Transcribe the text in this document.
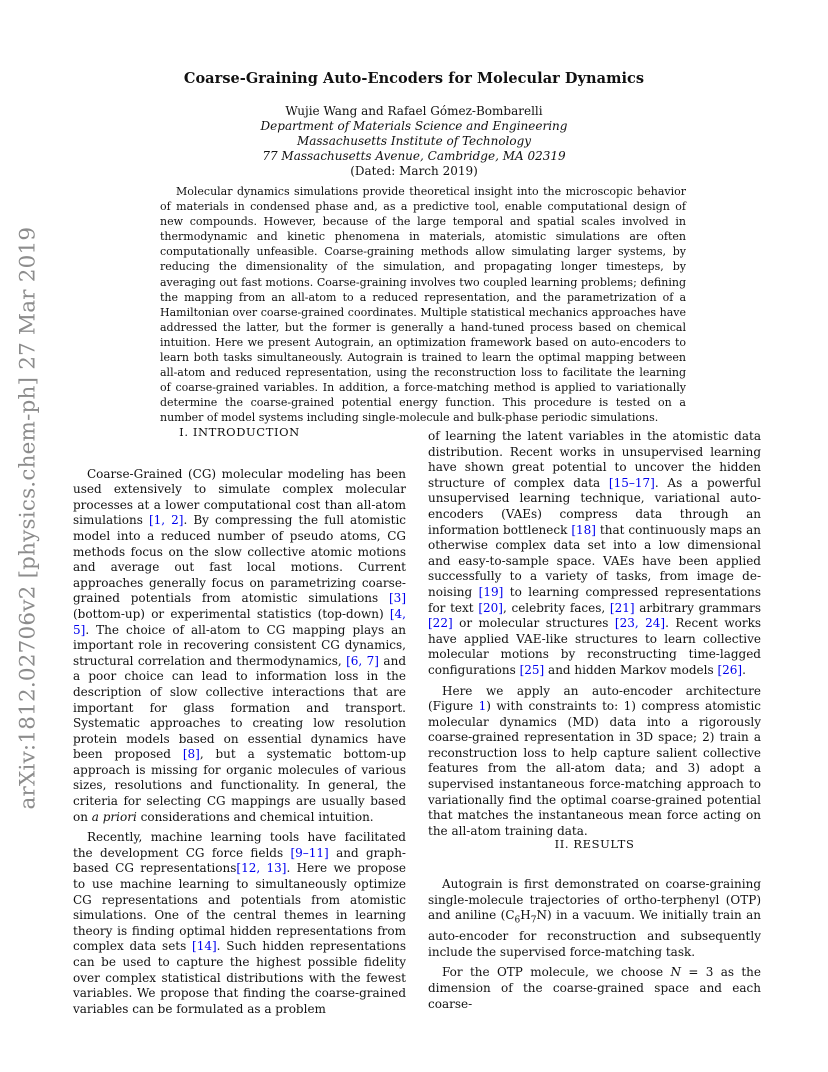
arXiv:1812.02706v2 [physics.chem-ph] 27 Mar 2019
Coarse-Graining Auto-Encoders for Molecular Dynamics
Wujie Wang and Rafael Gómez-Bombarelli
Department of Materials Science and Engineering
Massachusetts Institute of Technology
77 Massachusetts Avenue, Cambridge, MA 02319
(Dated: March 2019)
Molecular dynamics simulations provide theoretical insight into the microscopic behavior of materials in condensed phase and, as a predictive tool, enable computational design of new compounds. However, because of the large temporal and spatial scales involved in thermodynamic and kinetic phenomena in materials, atomistic simulations are often computationally unfeasible. Coarse-graining methods allow simulating larger systems, by reducing the dimensionality of the simulation, and propagating longer timesteps, by averaging out fast motions. Coarse-graining involves two coupled learning problems; defining the mapping from an all-atom to a reduced representation, and the parametrization of a Hamiltonian over coarse-grained coordinates. Multiple statistical mechanics approaches have addressed the latter, but the former is generally a hand-tuned process based on chemical intuition. Here we present Autograin, an optimization framework based on auto-encoders to learn both tasks simultaneously. Autograin is trained to learn the optimal mapping between all-atom and reduced representation, using the reconstruction loss to facilitate the learning of coarse-grained variables. In addition, a force-matching method is applied to variationally determine the coarse-grained potential energy function. This procedure is tested on a number of model systems including single-molecule and bulk-phase periodic simulations.
I. INTRODUCTION

Coarse-Grained (CG) molecular modeling has been used extensively to simulate complex molecular processes at a lower computational cost than all-atom simulations [1, 2]. By compressing the full atomistic model into a reduced number of pseudo atoms, CG methods focus on the slow collective atomic motions and average out fast local motions. Current approaches generally focus on parametrizing coarse-grained potentials from atomistic simulations [3] (bottom-up) or experimental statistics (top-down) [4, 5]. The choice of all-atom to CG mapping plays an important role in recovering consistent CG dynamics, structural correlation and thermodynamics, [6, 7] and a poor choice can lead to information loss in the description of slow collective interactions that are important for glass formation and transport. Systematic approaches to creating low resolution protein models based on essential dynamics have been proposed [8], but a systematic bottom-up approach is missing for organic molecules of various sizes, resolutions and functionality. In general, the criteria for selecting CG mappings are usually based on a priori considerations and chemical intuition.

Recently, machine learning tools have facilitated the development CG force fields [9–11] and graph-based CG representations[12, 13]. Here we propose to use machine learning to simultaneously optimize CG representations and potentials from atomistic simulations. One of the central themes in learning theory is finding optimal hidden representations from complex data sets [14]. Such hidden representations can be used to capture the highest possible fidelity over complex statistical distributions with the fewest variables. We propose that finding the coarse-grained variables can be formulated as a problem

of learning the latent variables in the atomistic data distribution. Recent works in unsupervised learning have shown great potential to uncover the hidden structure of complex data [15–17]. As a powerful unsupervised learning technique, variational auto-encoders (VAEs) compress data through an information bottleneck [18] that continuously maps an otherwise complex data set into a low dimensional and easy-to-sample space. VAEs have been applied successfully to a variety of tasks, from image de-noising [19] to learning compressed representations for text [20], celebrity faces, [21] arbitrary grammars [22] or molecular structures [23, 24]. Recent works have applied VAE-like structures to learn collective molecular motions by reconstructing time-lagged configurations [25] and hidden Markov models [26].

Here we apply an auto-encoder architecture (Figure 1) with constraints to: 1) compress atomistic molecular dynamics (MD) data into a rigorously coarse-grained representation in 3D space; 2) train a reconstruction loss to help capture salient collective features from the all-atom data; and 3) adopt a supervised instantaneous force-matching approach to variationally find the optimal coarse-grained potential that matches the instantaneous mean force acting on the all-atom training data.

II. RESULTS

Autograin is first demonstrated on coarse-graining single-molecule trajectories of ortho-terphenyl (OTP) and aniline $(C_6H_7N)$ in a vacuum. We initially train an auto-encoder for reconstruction and subsequently include the supervised force-matching task.

For the OTP molecule, we choose N = 3 as the dimension of the coarse-grained space and each coarse-
